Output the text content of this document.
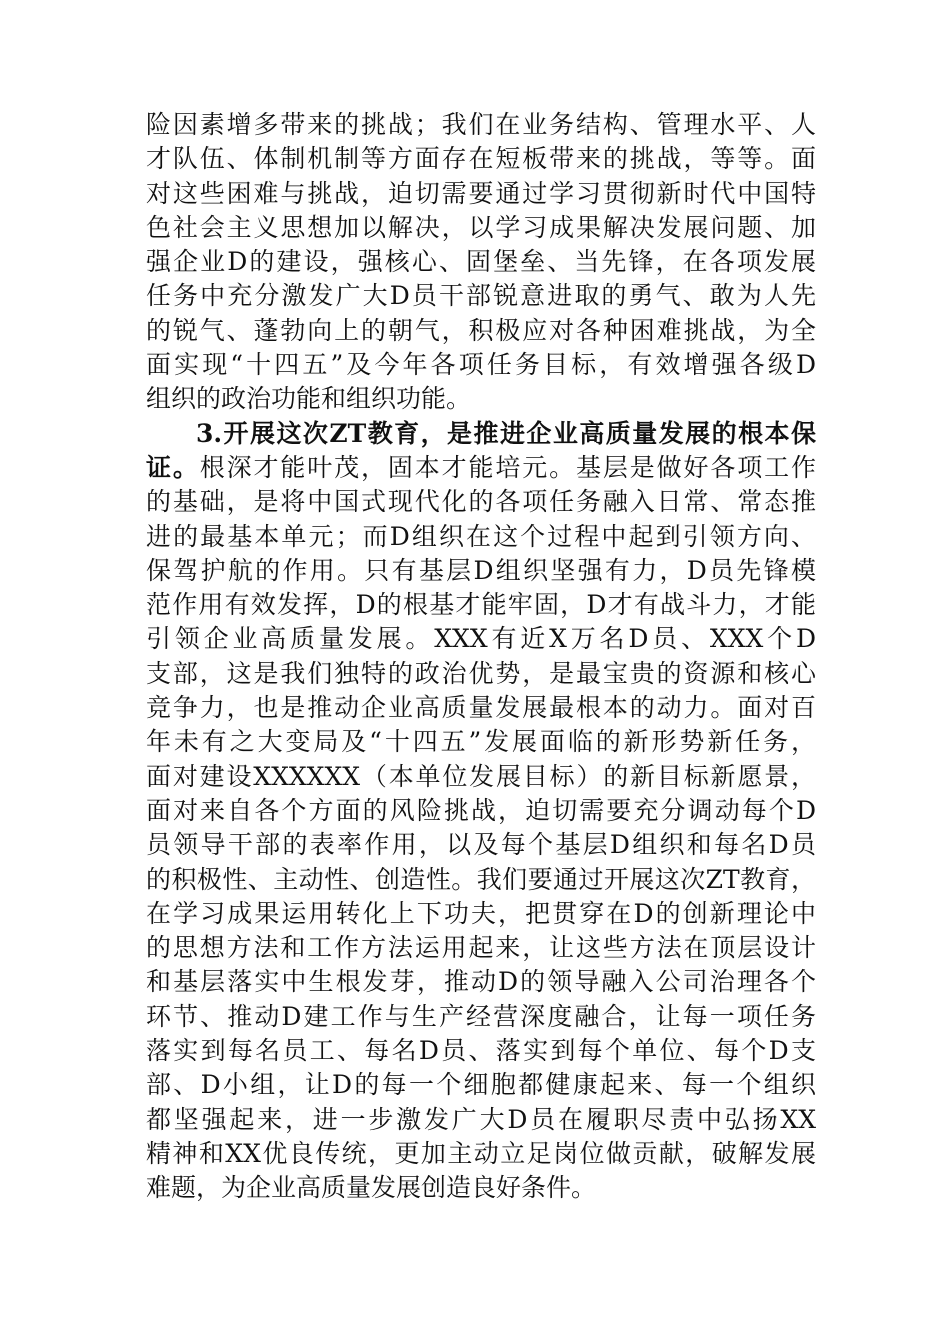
险因素增多带来的挑战；我们在业务结构、管理水平、人
才队伍、体制机制等方面存在短板带来的挑战，等等。面
对这些困难与挑战，迫切需要通过学习贯彻新时代中国特
色社会主义思想加以解决，以学习成果解决发展问题、加
强企业D的建设，强核心、固堡垒、当先锋，在各项发展
任务中充分激发广大D员干部锐意进取的勇气、敢为人先
的锐气、蓬勃向上的朝气，积极应对各种困难挑战，为全
面实现“十四五”及今年各项任务目标，有效增强各级D
组织的政治功能和组织功能。
3.开展这次ZT教育，是推进企业高质量发展的根本保
证。根深才能叶茂，固本才能培元。基层是做好各项工作
的基础，是将中国式现代化的各项任务融入日常、常态推
进的最基本单元；而D组织在这个过程中起到引领方向、
保驾护航的作用。只有基层D组织坚强有力，D员先锋模
范作用有效发挥，D的根基才能牢固，D才有战斗力，才能
引领企业高质量发展。XXX有近X万名D员、XXX个D
支部，这是我们独特的政治优势，是最宝贵的资源和核心
竞争力，也是推动企业高质量发展最根本的动力。面对百
年未有之大变局及“十四五”发展面临的新形势新任务，
面对建设XXXXXX（本单位发展目标）的新目标新愿景，
面对来自各个方面的风险挑战，迫切需要充分调动每个D
员领导干部的表率作用，以及每个基层D组织和每名D员
的积极性、主动性、创造性。我们要通过开展这次ZT教育，
在学习成果运用转化上下功夫，把贯穿在D的创新理论中
的思想方法和工作方法运用起来，让这些方法在顶层设计
和基层落实中生根发芽，推动D的领导融入公司治理各个
环节、推动D建工作与生产经营深度融合，让每一项任务
落实到每名员工、每名D员、落实到每个单位、每个D支
部、D小组，让D的每一个细胞都健康起来、每一个组织
都坚强起来，进一步激发广大D员在履职尽责中弘扬XX
精神和XX优良传统，更加主动立足岗位做贡献，破解发展
难题，为企业高质量发展创造良好条件。
